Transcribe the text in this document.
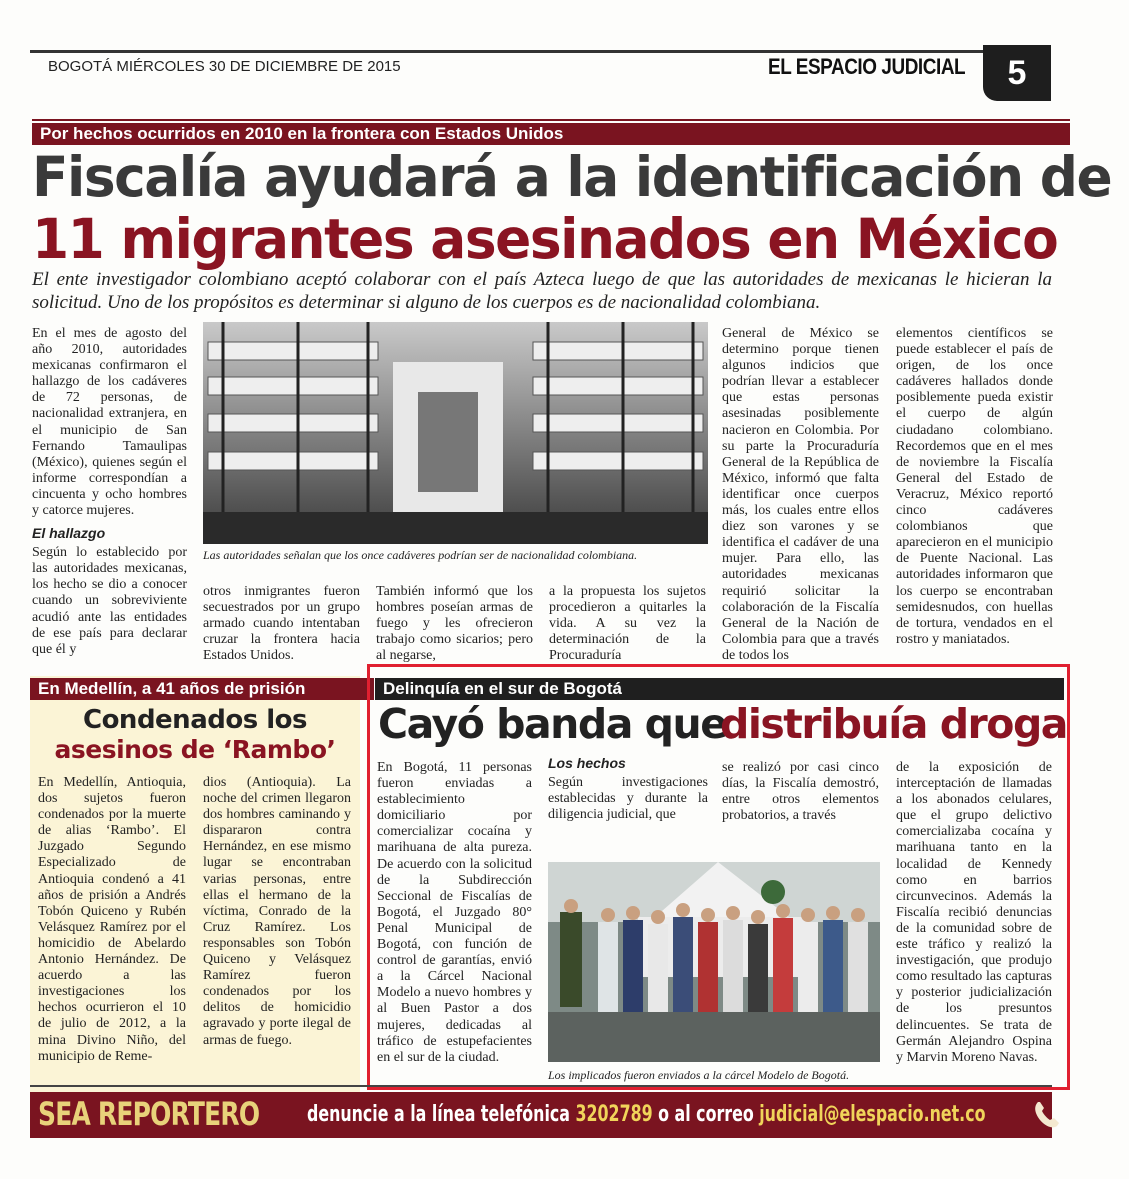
BOGOTÁ MIÉRCOLES 30 DE DICIEMBRE DE 2015	EL ESPACIO JUDICIAL	5
Por hechos ocurridos en 2010 en la frontera con Estados Unidos
Fiscalía ayudará a la identificación de
11 migrantes asesinados en México
El ente investigador colombiano aceptó colaborar con el país Azteca luego de que las autoridades de mexicanas le hicieran la solicitud. Uno de los propósitos es determinar si alguno de los cuerpos es de nacionalidad colombiana.

En el mes de agosto del año 2010, autoridades mexicanas confirmaron el hallazgo de los cadáveres de 72 personas, de nacionalidad extranjera, en el municipio de San Fernando Tamaulipas (México), quienes según el informe correspondían a cincuenta y ocho hombres y catorce mujeres.

El hallazgo

Según lo establecido por las autoridades mexicanas, los hecho se dio a conocer cuando un sobreviviente acudió ante las entidades de ese país para declarar que él y

Las autoridades señalan que los once cadáveres podrían ser de nacionalidad colombiana.
otros inmigrantes fueron secuestrados por un grupo armado cuando intentaban cruzar la frontera hacia Estados Unidos.
También informó que los hombres poseían armas de fuego y les ofrecieron trabajo como sicarios; pero al negarse,
a la propuesta los sujetos procedieron a quitarles la vida. A su vez la determinación de la Procuraduría
General de México se determino porque tienen algunos indicios que podrían llevar a establecer que estas personas asesinadas posiblemente nacieron en Colombia. Por su parte la Procuraduría General de la República de México, informó que falta identificar once cuerpos más, los cuales entre ellos diez son varones y se identifica el cadáver de una mujer. Para ello, las autoridades mexicanas requirió solicitar la colaboración de la Fiscalía General de la Nación de Colombia para que a través de todos los
elementos científicos se puede establecer el país de origen, de los once cadáveres hallados donde posiblemente pueda existir el cuerpo de algún ciudadano colombiano. Recordemos que en el mes de noviembre la Fiscalía General del Estado de Veracruz, México reportó cinco cadáveres colombianos que aparecieron en el municipio de Puente Nacional. Las autoridades informaron que los cuerpo se encontraban semidesnudos, con huellas de tortura, vendados en el rostro y maniatados.
En Medellín, a 41 años de prisión
Condenados los
asesinos de ‘Rambo’
En Medellín, Antioquia, dos sujetos fueron condenados por la muerte de alias ‘Rambo’. El Juzgado Segundo Especializado de Antioquia condenó a 41 años de prisión a Andrés Tobón Quiceno y Rubén Velásquez Ramírez por el homicidio de Abelardo Antonio Hernández. De acuerdo a las investigaciones los hechos ocurrieron el 10 de julio de 2012, a la mina Divino Niño, del municipio de Reme-
dios (Antioquia). La noche del crimen llegaron dos hombres caminando y dispararon contra Hernández, en ese mismo lugar se encontraban varias personas, entre ellas el hermano de la víctima, Conrado de la Cruz Ramírez. Los responsables son Tobón Quiceno y Velásquez Ramírez fueron condenados por los delitos de homicidio agravado y porte ilegal de armas de fuego.
Delinquía en el sur de Bogotá
Cayó banda que
distribuía droga
En Bogotá, 11 personas fueron enviadas a establecimiento domiciliario por comercializar cocaína y marihuana de alta pureza. De acuerdo con la solicitud de la Subdirección Seccional de Fiscalías de Bogotá, el Juzgado 80° Penal Municipal de Bogotá, con función de control de garantías, envió a la Cárcel Nacional Modelo a nuevo hombres y al Buen Pastor a dos mujeres, dedicadas al tráfico de estupefacientes en el sur de la ciudad.
Los hechos

Según investigaciones establecidas y durante la diligencia judicial, que

se realizó por casi cinco días, la Fiscalía demostró, entre otros elementos probatorios, a través
de la exposición de interceptación de llamadas a los abonados celulares, que el grupo delictivo comercializaba cocaína y marihuana tanto en la localidad de Kennedy como en barrios circunvecinos. Además la Fiscalía recibió denuncias de la comunidad sobre de este tráfico y realizó la investigación, que produjo como resultado las capturas y posterior judicialización de los presuntos delincuentes. Se trata de Germán Alejandro Ospina y Marvin Moreno Navas.
Los implicados fueron enviados a la cárcel Modelo de Bogotá.
SEA REPORTERO denuncie a la línea telefónica 3202789 o al correo judicial@elespacio.net.co
